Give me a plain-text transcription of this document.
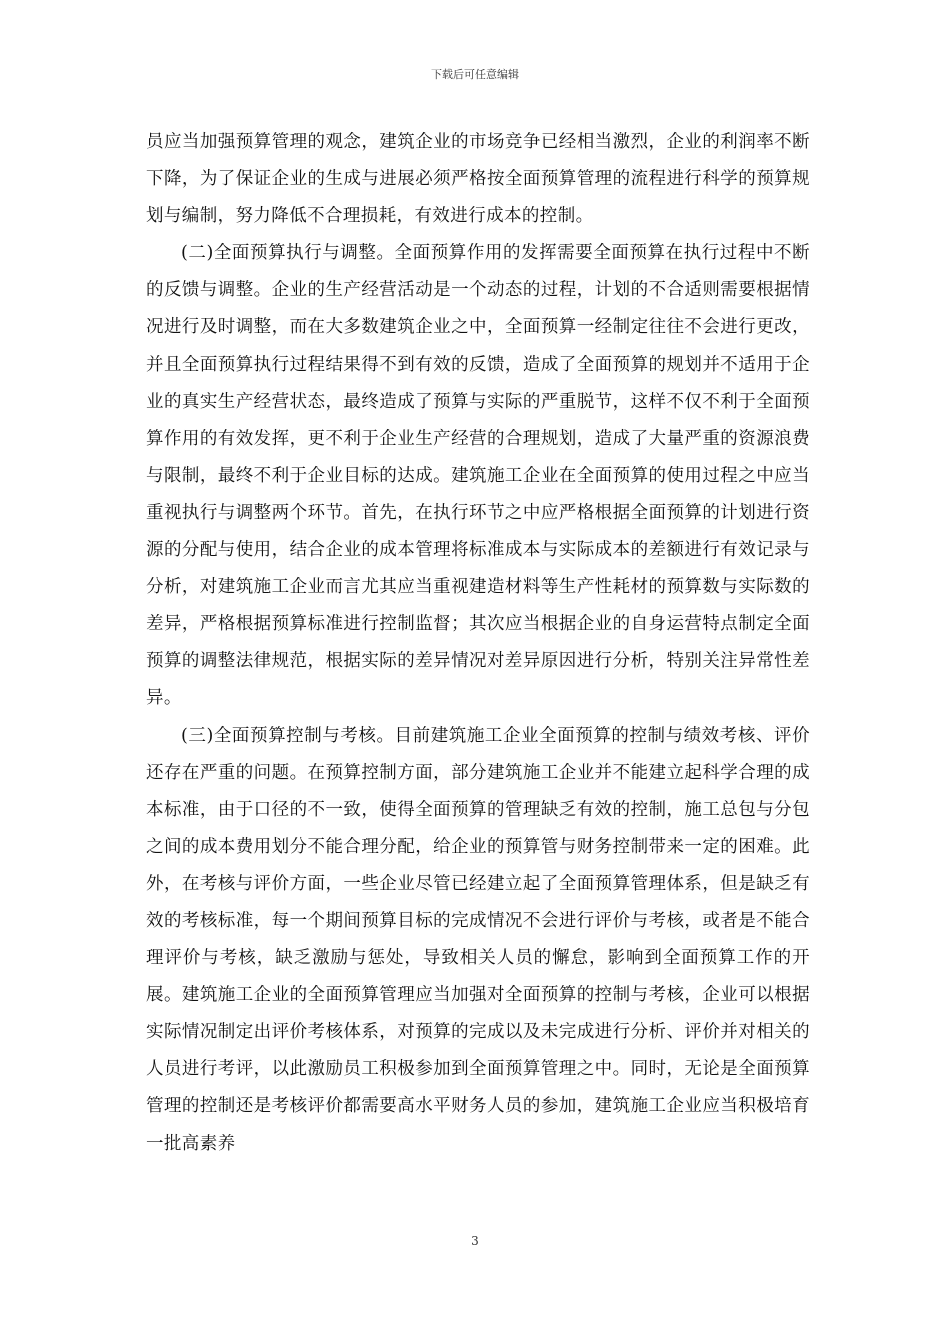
下载后可任意编辑

员应当加强预算管理的观念，建筑企业的市场竞争已经相当激烈，企业的利润率不断下降，为了保证企业的生成与进展必须严格按全面预算管理的流程进行科学的预算规划与编制，努力降低不合理损耗，有效进行成本的控制。

(二)全面预算执行与调整。全面预算作用的发挥需要全面预算在执行过程中不断的反馈与调整。企业的生产经营活动是一个动态的过程，计划的不合适则需要根据情况进行及时调整，而在大多数建筑企业之中，全面预算一经制定往往不会进行更改，并且全面预算执行过程结果得不到有效的反馈，造成了全面预算的规划并不适用于企业的真实生产经营状态，最终造成了预算与实际的严重脱节，这样不仅不利于全面预算作用的有效发挥，更不利于企业生产经营的合理规划，造成了大量严重的资源浪费与限制，最终不利于企业目标的达成。建筑施工企业在全面预算的使用过程之中应当重视执行与调整两个环节。首先，在执行环节之中应严格根据全面预算的计划进行资源的分配与使用，结合企业的成本管理将标准成本与实际成本的差额进行有效记录与分析，对建筑施工企业而言尤其应当重视建造材料等生产性耗材的预算数与实际数的差异，严格根据预算标准进行控制监督；其次应当根据企业的自身运营特点制定全面预算的调整法律规范，根据实际的差异情况对差异原因进行分析，特别关注异常性差异。

(三)全面预算控制与考核。目前建筑施工企业全面预算的控制与绩效考核、评价还存在严重的问题。在预算控制方面，部分建筑施工企业并不能建立起科学合理的成本标准，由于口径的不一致，使得全面预算的管理缺乏有效的控制，施工总包与分包之间的成本费用划分不能合理分配，给企业的预算管与财务控制带来一定的困难。此外，在考核与评价方面，一些企业尽管已经建立起了全面预算管理体系，但是缺乏有效的考核标准，每一个期间预算目标的完成情况不会进行评价与考核，或者是不能合理评价与考核，缺乏激励与惩处，导致相关人员的懈怠，影响到全面预算工作的开展。建筑施工企业的全面预算管理应当加强对全面预算的控制与考核，企业可以根据实际情况制定出评价考核体系，对预算的完成以及未完成进行分析、评价并对相关的人员进行考评，以此激励员工积极参加到全面预算管理之中。同时，无论是全面预算管理的控制还是考核评价都需要高水平财务人员的参加，建筑施工企业应当积极培育一批高素养

3
